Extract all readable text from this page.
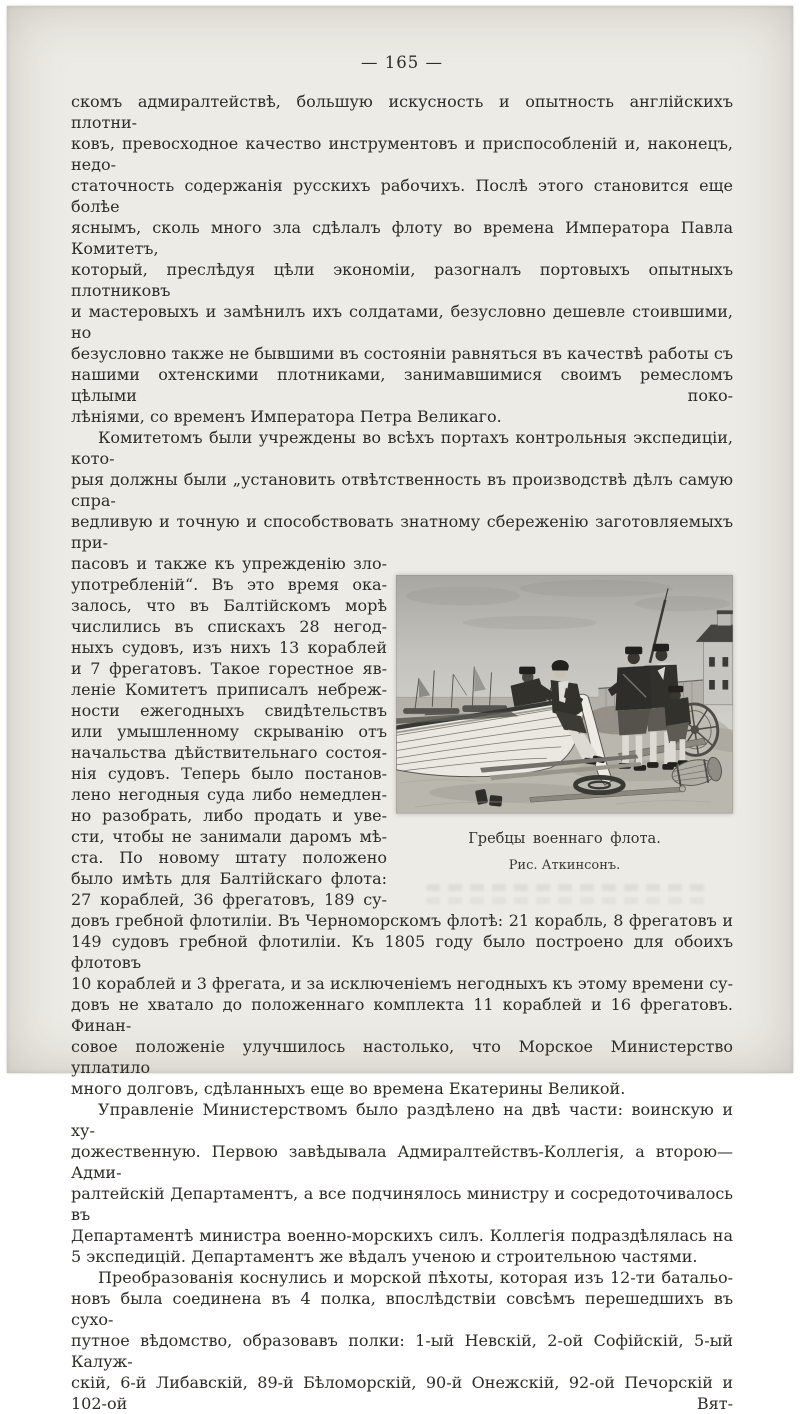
— 165 —
скомъ адмиралтействѣ, большую искусность и опытность англійскихъ плотни-
ковъ, превосходное качество инструментовъ и приспособленій и, наконецъ, недо-
статочность содержанія русскихъ рабочихъ. Послѣ этого становится еще болѣе
яснымъ, сколь много зла сдѣлалъ флоту во времена Императора Павла Комитетъ,
который, преслѣдуя цѣли экономіи, разогналъ портовыхъ опытныхъ плотниковъ
и мастеровыхъ и замѣнилъ ихъ солдатами, безусловно дешевле стоившими, но
безусловно также не бывшими въ состояніи равняться въ качествѣ работы съ
нашими охтенскими плотниками, занимавшимися своимъ ремесломъ цѣлыми поко-
лѣніями, со временъ Императора Петра Великаго.
Комитетомъ были учреждены во всѣхъ портахъ контрольныя экспедиціи, кото-
рыя должны были „установить отвѣтственность въ производствѣ дѣлъ самую спра-
ведливую и точную и способствовать знатному сбереженію заготовляемыхъ при-
пасовъ и также къ упрежденію зло-
употребленій“. Въ это время ока-
залось, что въ Балтійскомъ морѣ
числились въ спискахъ 28 негод-
ныхъ судовъ, изъ нихъ 13 кораблей
и 7 фрегатовъ. Такое горестное яв-
леніе Комитетъ приписалъ небреж-
ности ежегодныхъ свидѣтельствъ
или умышленному скрыванію отъ
начальства дѣйствительнаго состоя-
нія судовъ. Теперь было постанов-
лено негодныя суда либо немедлен-
но разобрать, либо продать и уве-
сти, чтобы не занимали даромъ мѣ-
ста. По новому штату положено
было имѣть для Балтійскаго флота:
27 кораблей, 36 фрегатовъ, 189 су-
Гребцы военнаго флота.
Рис. Аткинсонъ.
довъ гребной флотиліи. Въ Черноморскомъ флотѣ: 21 корабль, 8 фрегатовъ и
149 судовъ гребной флотиліи. Къ 1805 году было построено для обоихъ флотовъ
10 кораблей и 3 фрегата, и за исключеніемъ негодныхъ къ этому времени су-
довъ не хватало до положеннаго комплекта 11 кораблей и 16 фрегатовъ. Финан-
совое положеніе улучшилось настолько, что Морское Министерство уплатило
много долговъ, сдѣланныхъ еще во времена Екатерины Великой.
Управленіе Министерствомъ было раздѣлено на двѣ части: воинскую и ху-
дожественную. Первою завѣдывала Адмиралтействъ-Коллегія, а второю—Адми-
ралтейскій Департаментъ, а все подчинялось министру и сосредоточивалось въ
Департаментѣ министра военно-морскихъ силъ. Коллегія подраздѣлялась на
5 экспедицій. Департаментъ же вѣдалъ ученою и строительною частями.
Преобразованія коснулись и морской пѣхоты, которая изъ 12-ти батальо-
новъ была соединена въ 4 полка, впослѣдствіи совсѣмъ перешедшихъ въ сухо-
путное вѣдомство, образовавъ полки: 1-ый Невскій, 2-ой Софійскій, 5-ый Калуж-
скій, 6-й Либавскій, 89-й Бѣломорскій, 90-й Онежскій, 92-ой Печорскій и 102-ой Вят-
